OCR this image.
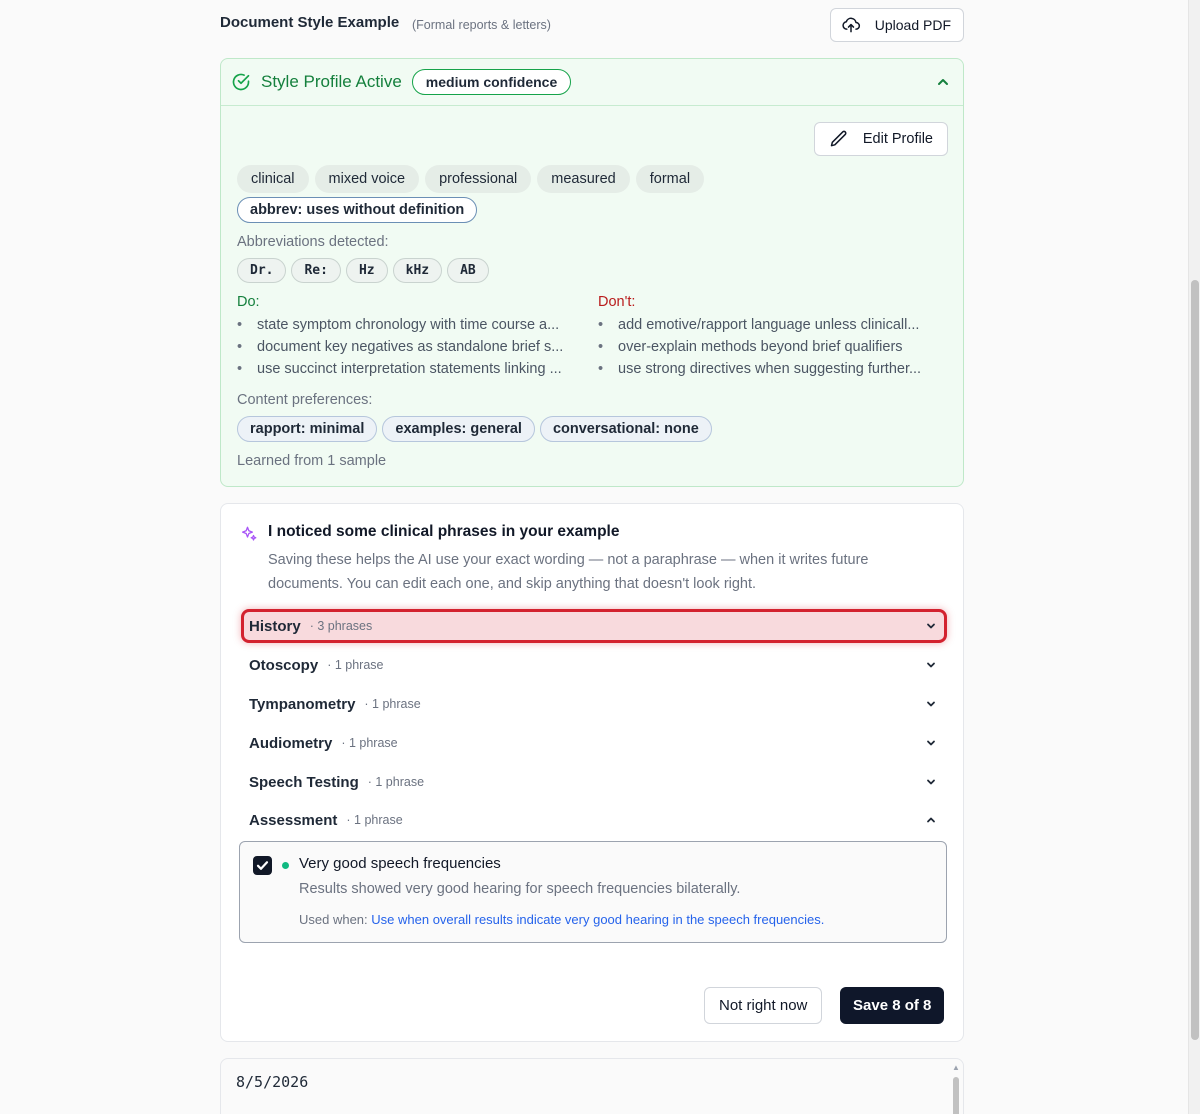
Document Style Example (Formal reports & letters)	Upload PDF
Style Profile Active	medium confidence
Edit Profile
clinical	mixed voice	professional	measured	formal
abbrev: uses without definition
Abbreviations detected:
Dr.	Re:	Hz	kHz	AB
Do:	Don't:
• state symptom chronology with time course a...
• document key negatives as standalone brief s...
• use succinct interpretation statements linking ...
• add emotive/rapport language unless clinicall...
• over-explain methods beyond brief qualifiers
• use strong directives when suggesting further...
Content preferences:
rapport: minimal	examples: general	conversational: none
Learned from 1 sample
I noticed some clinical phrases in your example

Saving these helps the AI use your exact wording — not a paraphrase — when it writes future documents. You can edit each one, and skip anything that doesn't look right.

History · 3 phrases
Otoscopy · 1 phrase
Tympanometry · 1 phrase
Audiometry · 1 phrase
Speech Testing · 1 phrase
Assessment · 1 phrase
Very good speech frequencies
Results showed very good hearing for speech frequencies bilaterally.
Used when: Use when overall results indicate very good hearing in the speech frequencies.
Not right now	Save 8 of 8
8/5/2026
▲
